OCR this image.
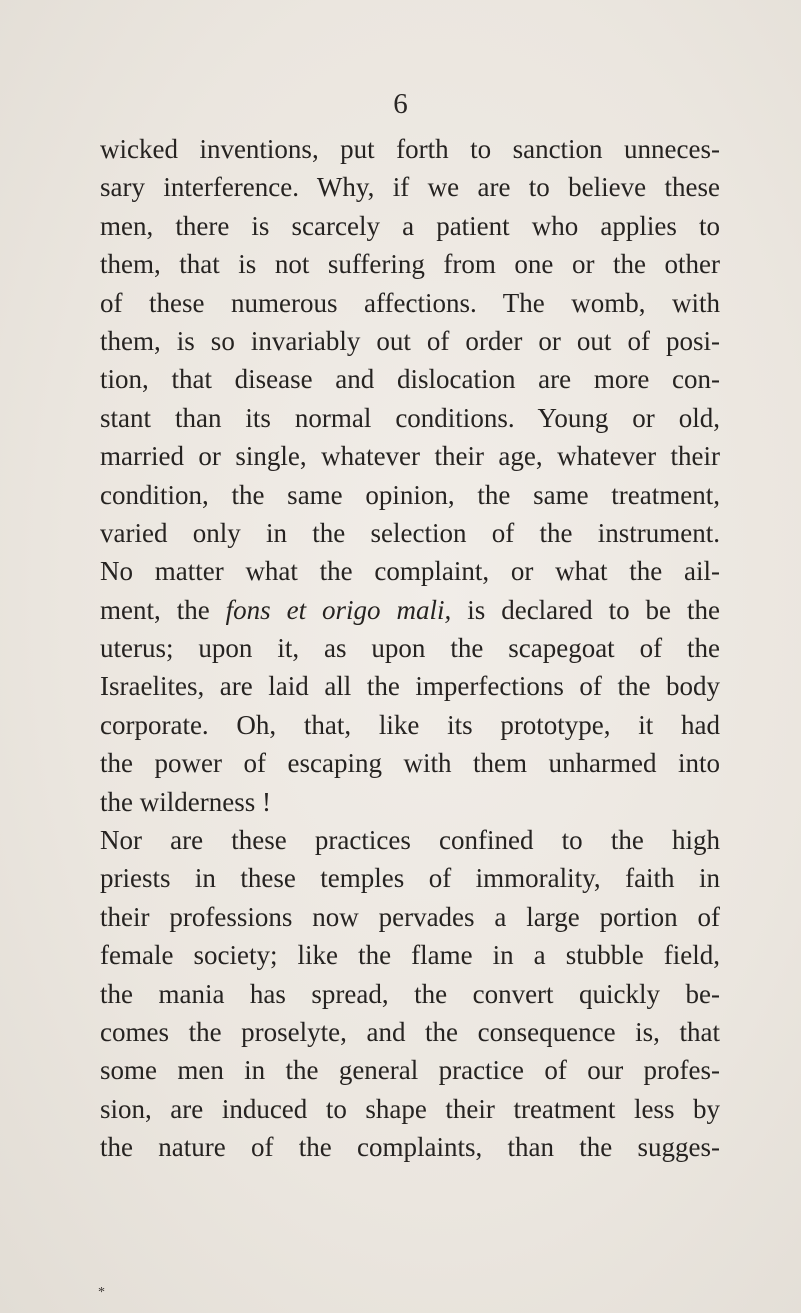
6
wicked inventions, put forth to sanction unneces-
sary interference. Why, if we are to believe these
men, there is scarcely a patient who applies to
them, that is not suffering from one or the other
of these numerous affections. The womb, with
them, is so invariably out of order or out of posi-
tion, that disease and dislocation are more con-
stant than its normal conditions. Young or old,
married or single, whatever their age, whatever their
condition, the same opinion, the same treatment,
varied only in the selection of the instrument.
No matter what the complaint, or what the ail-
ment, the fons et origo mali, is declared to be the
uterus; upon it, as upon the scapegoat of the
Israelites, are laid all the imperfections of the body
corporate. Oh, that, like its prototype, it had
the power of escaping with them unharmed into
the wilderness !
Nor are these practices confined to the high
priests in these temples of immorality, faith in
their professions now pervades a large portion of
female society; like the flame in a stubble field,
the mania has spread, the convert quickly be-
comes the proselyte, and the consequence is, that
some men in the general practice of our profes-
sion, are induced to shape their treatment less by
the nature of the complaints, than the sugges-
*
